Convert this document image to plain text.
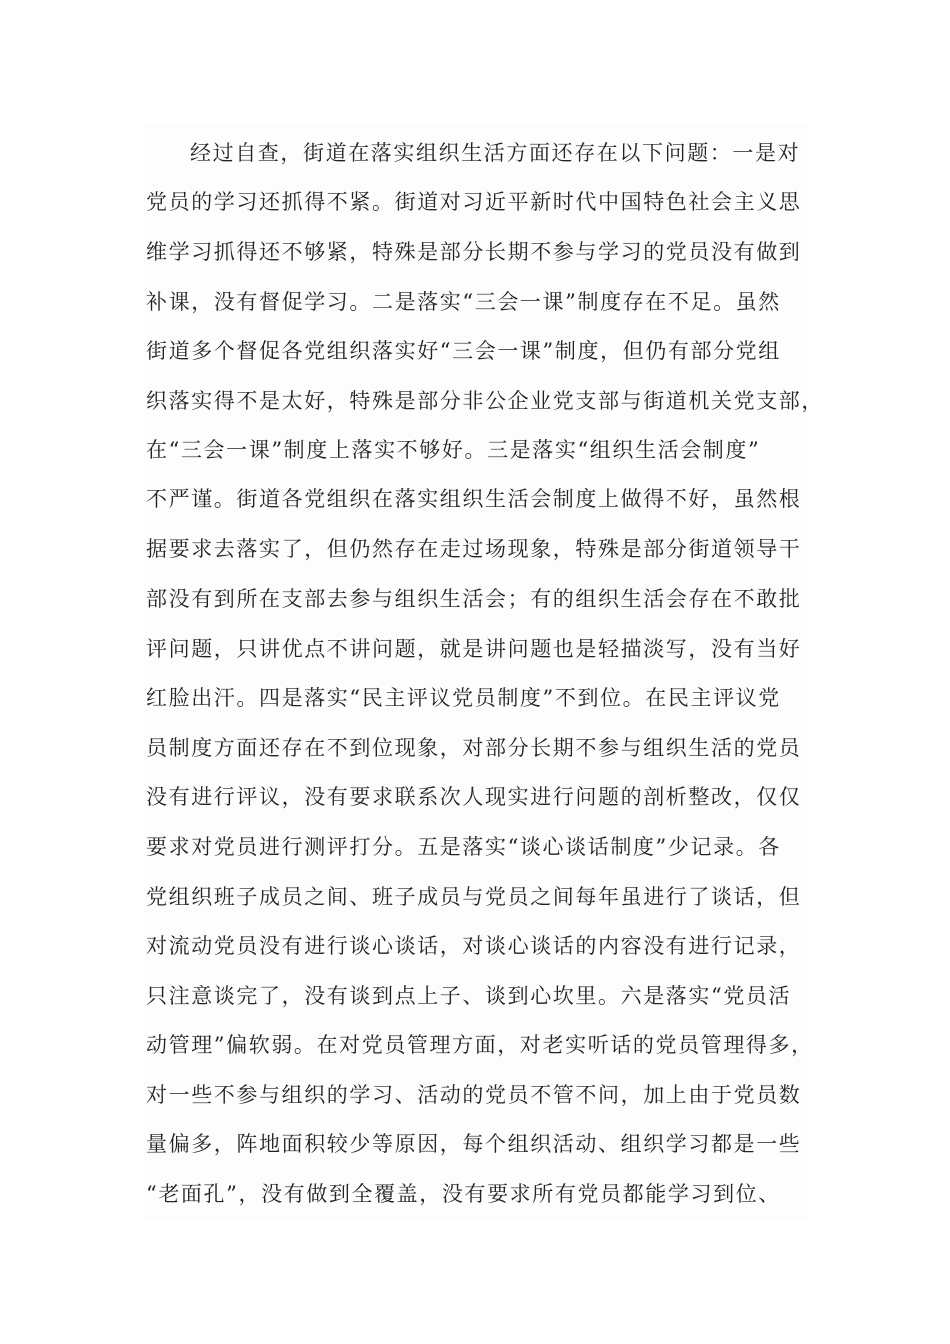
经过自查，街道在落实组织生活方面还存在以下问题：一是对
党员的学习还抓得不紧。街道对习近平新时代中国特色社会主义思
维学习抓得还不够紧，特殊是部分长期不参与学习的党员没有做到
补课，没有督促学习。二是落实“三会一课”制度存在不足。虽然
街道多个督促各党组织落实好“三会一课”制度，但仍有部分党组
织落实得不是太好，特殊是部分非公企业党支部与街道机关党支部，
在“三会一课”制度上落实不够好。三是落实“组织生活会制度”
不严谨。街道各党组织在落实组织生活会制度上做得不好，虽然根
据要求去落实了，但仍然存在走过场现象，特殊是部分街道领导干
部没有到所在支部去参与组织生活会；有的组织生活会存在不敢批
评问题，只讲优点不讲问题，就是讲问题也是轻描淡写，没有当好
红脸出汗。四是落实“民主评议党员制度”不到位。在民主评议党
员制度方面还存在不到位现象，对部分长期不参与组织生活的党员
没有进行评议，没有要求联系次人现实进行问题的剖析整改，仅仅
要求对党员进行测评打分。五是落实“谈心谈话制度”少记录。各
党组织班子成员之间、班子成员与党员之间每年虽进行了谈话，但
对流动党员没有进行谈心谈话，对谈心谈话的内容没有进行记录，
只注意谈完了，没有谈到点上子、谈到心坎里。六是落实“党员活
动管理”偏软弱。在对党员管理方面，对老实听话的党员管理得多，
对一些不参与组织的学习、活动的党员不管不问，加上由于党员数
量偏多，阵地面积较少等原因，每个组织活动、组织学习都是一些
“老面孔”，没有做到全覆盖，没有要求所有党员都能学习到位、
